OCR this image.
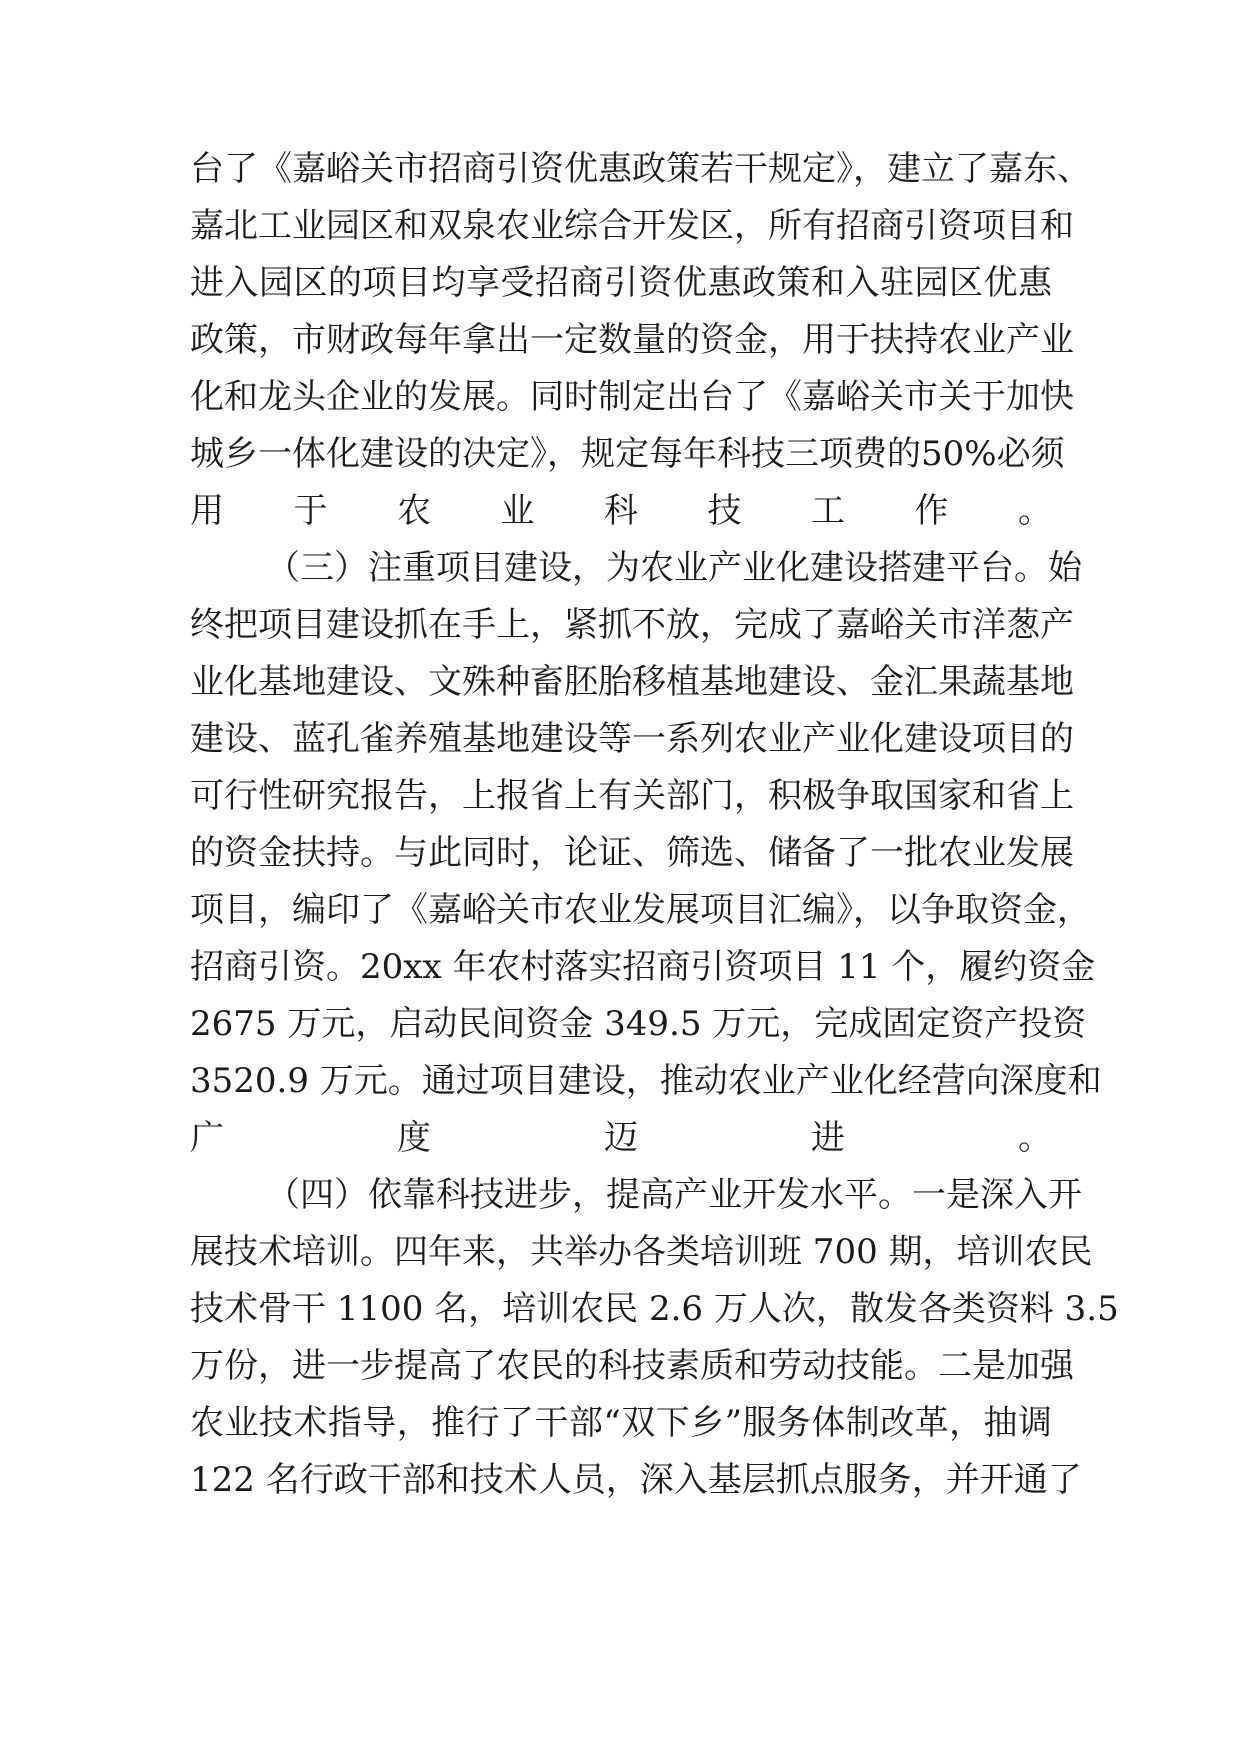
台了《嘉峪关市招商引资优惠政策若干规定》，建立了嘉东、
嘉北工业园区和双泉农业综合开发区，所有招商引资项目和
进入园区的项目均享受招商引资优惠政策和入驻园区优惠
政策，市财政每年拿出一定数量的资金，用于扶持农业产业
化和龙头企业的发展。同时制定出台了《嘉峪关市关于加快
城乡一体化建设的决定》，规定每年科技三项费的50%必须
用于农业科技工作。
（三）注重项目建设，为农业产业化建设搭建平台。始
终把项目建设抓在手上，紧抓不放，完成了嘉峪关市洋葱产
业化基地建设、文殊种畜胚胎移植基地建设、金汇果蔬基地
建设、蓝孔雀养殖基地建设等一系列农业产业化建设项目的
可行性研究报告，上报省上有关部门，积极争取国家和省上
的资金扶持。与此同时，论证、筛选、储备了一批农业发展
项目，编印了《嘉峪关市农业发展项目汇编》，以争取资金，
招商引资。20xx 年农村落实招商引资项目 11 个，履约资金
2675 万元，启动民间资金 349.5 万元，完成固定资产投资
3520.9 万元。通过项目建设，推动农业产业化经营向深度和
广度迈进。
（四）依靠科技进步，提高产业开发水平。一是深入开
展技术培训。四年来，共举办各类培训班 700 期，培训农民
技术骨干 1100 名，培训农民 2.6 万人次，散发各类资料 3.5
万份，进一步提高了农民的科技素质和劳动技能。二是加强
农业技术指导，推行了干部“双下乡”服务体制改革，抽调
122 名行政干部和技术人员，深入基层抓点服务，并开通了
